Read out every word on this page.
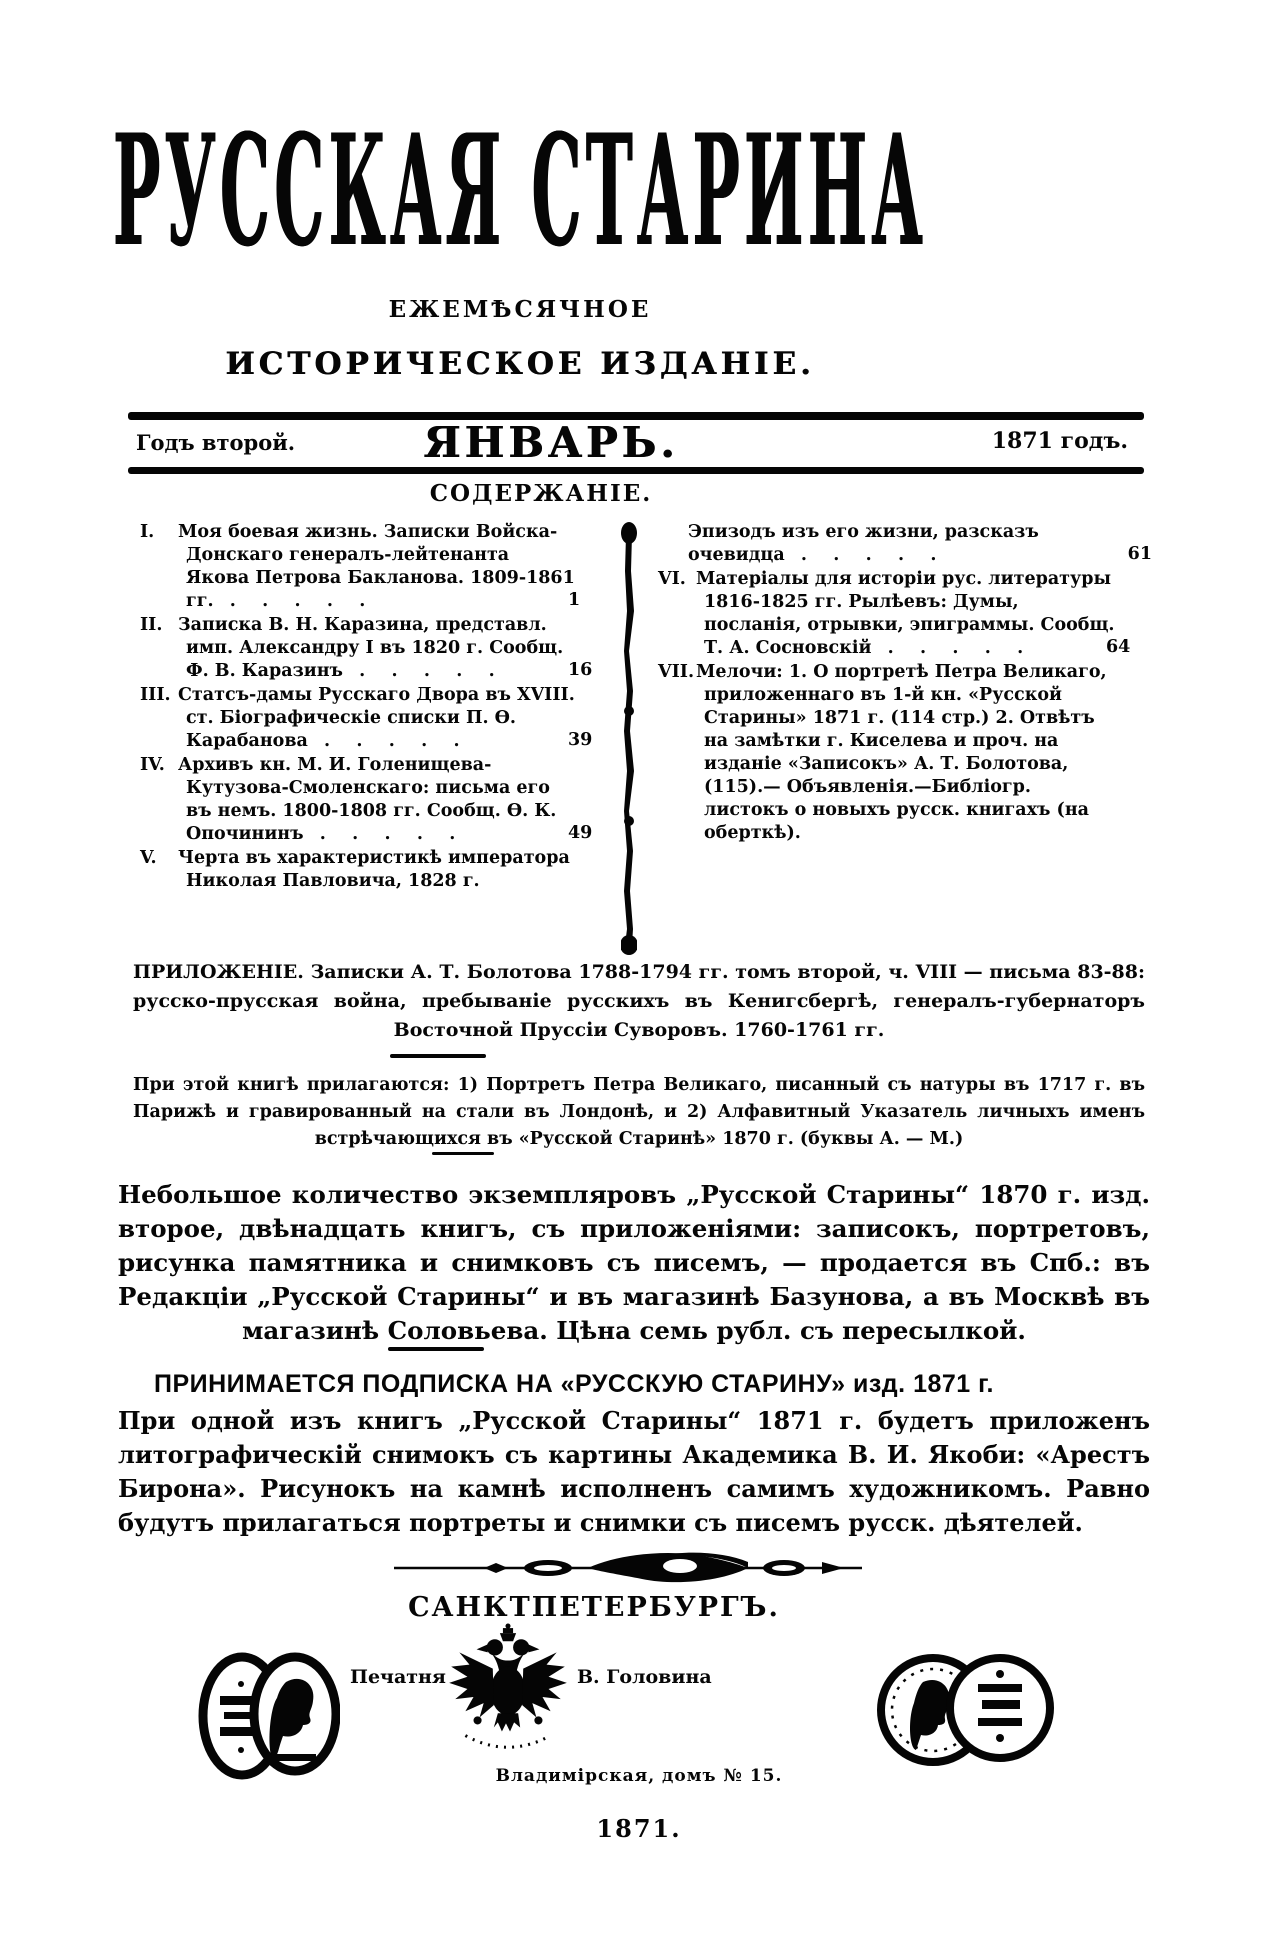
РУССКАЯ СТАРИНА
ЕЖЕМѢСЯЧНОЕ
ИСТОРИЧЕСКОЕ ИЗДАНІЕ.
Годъ второй.	ЯНВАРЬ.	1871 годъ.
СОДЕРЖАНІЕ.
I. Моя боевая жизнь. Записки Войска-Донскаго генералъ-лейтенанта Якова Петрова Бакланова. 1809-1861 гг. .   .	1
II. Записка В. Н. Каразина, представл. имп. Александру I въ 1820 г. Сообщ. Ф. В. Каразинъ .   .	16
III. Статсъ-дамы Русскаго Двора въ XVIII. ст. Біографическіе списки П. Ѳ. Карабанова .   .	39
IV. Архивъ кн. М. И. Голенищева-Кутузова-Смоленскаго: письма его въ немъ. 1800-1808 гг. Сообщ. Ѳ. К. Опочининъ .   .	49
V. Черта въ характеристикѣ императора Николая Павловича, 1828 г.
Эпизодъ изъ его жизни, разсказъ очевидца .   .	61
VI. Матеріалы для исторіи рус. литературы 1816-1825 гг. Рылѣевъ: Думы, посланія, отрывки, эпиграммы. Сообщ. Т. А. Сосновскій .   .	64
VII. Мелочи: 1. О портретѣ Петра Великаго, приложеннаго въ 1-й кн. «Русской Старины» 1871 г. (114 стр.) 2. Отвѣтъ на замѣтки г. Киселева и проч. на изданіе «Записокъ» А. Т. Болотова, (115).— Объявленія.—Библіогр. листокъ о новыхъ русск. книгахъ (на оберткѣ).

ПРИЛОЖЕНІЕ. Записки А. Т. Болотова 1788-1794 гг. томъ второй, ч. VIII — письма 83-88: русско-прусская война, пребываніе русскихъ въ Кенигсбергѣ, генералъ-губернаторъ Восточной Пруссіи Суворовъ. 1760-1761 гг.

При этой книгѣ прилагаются: 1) Портретъ Петра Великаго, писанный съ натуры въ 1717 г. въ Парижѣ и гравированный на стали въ Лондонѣ, и 2) Алфавитный Указатель личныхъ именъ встрѣчающихся въ «Русской Старинѣ» 1870 г. (буквы А. — М.)

Небольшое количество экземпляровъ „Русской Старины“ 1870 г. изд. второе, двѣнадцать книгъ, съ приложеніями: записокъ, портретовъ, рисунка памятника и снимковъ съ писемъ, — продается въ Спб.: въ Редакціи „Русской Старины“ и въ магазинѣ Базунова, а въ Москвѣ въ магазинѣ Соловьева. Цѣна семь рубл. съ пересылкой.

ПРИНИМАЕТСЯ ПОДПИСКА НА «РУССКУЮ СТАРИНУ» изд. 1871 г.

При одной изъ книгъ „Русской Старины“ 1871 г. будетъ приложенъ литографическій снимокъ съ картины Академика В. И. Якоби: «Арестъ Бирона». Рисунокъ на камнѣ исполненъ самимъ художникомъ. Равно будутъ прилагаться портреты и снимки съ писемъ русск. дѣятелей.

САНКТПЕТЕРБУРГЪ.
Печатня	В. Головина
Владимірская, домъ № 15.
1871.
